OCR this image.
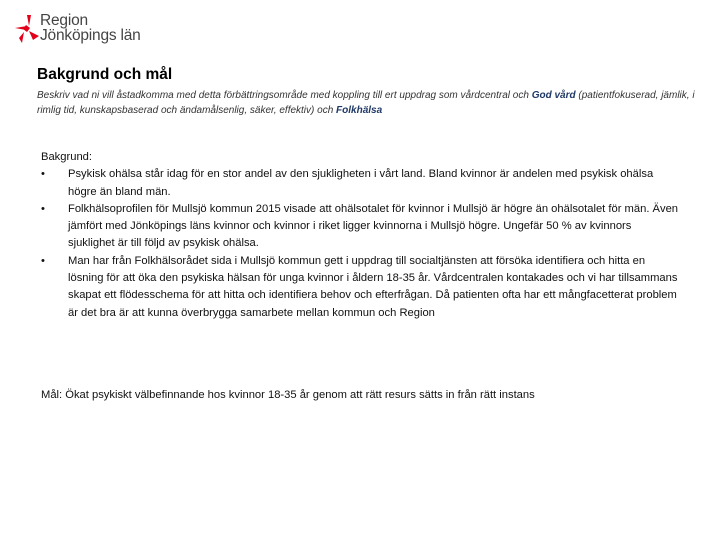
Region
Jönköpings län
Bakgrund och mål
Beskriv vad ni vill åstadkomma med detta förbättringsområde med koppling till ert uppdrag som vårdcentral och God vård (patientfokuserad, jämlik, i rimlig tid, kunskapsbaserad och ändamålsenlig, säker, effektiv) och Folkhälsa

Bakgrund:

• Psykisk ohälsa står idag för en stor andel av den sjukligheten i vårt land. Bland kvinnor är andelen med psykisk ohälsa högre än bland män.
• Folkhälsoprofilen för Mullsjö kommun 2015 visade att ohälsotalet för kvinnor i Mullsjö är högre än ohälsotalet för män. Även jämfört med Jönköpings läns kvinnor och kvinnor i riket ligger kvinnorna i Mullsjö högre. Ungefär 50 % av kvinnors sjuklighet är till följd av psykisk ohälsa.
• Man har från Folkhälsorådet sida i Mullsjö kommun gett i uppdrag till socialtjänsten att försöka identifiera och hitta en lösning för att öka den psykiska hälsan för unga kvinnor i åldern 18-35 år. Vårdcentralen kontakades och vi har tillsammans skapat ett flödesschema för att hitta och identifiera behov och efterfrågan. Då patienten ofta har ett mångfacetterat problem är det bra är att kunna överbrygga samarbete mellan kommun och Region
Mål: Ökat psykiskt välbefinnande hos kvinnor 18-35 år genom att rätt resurs sätts in från rätt instans
